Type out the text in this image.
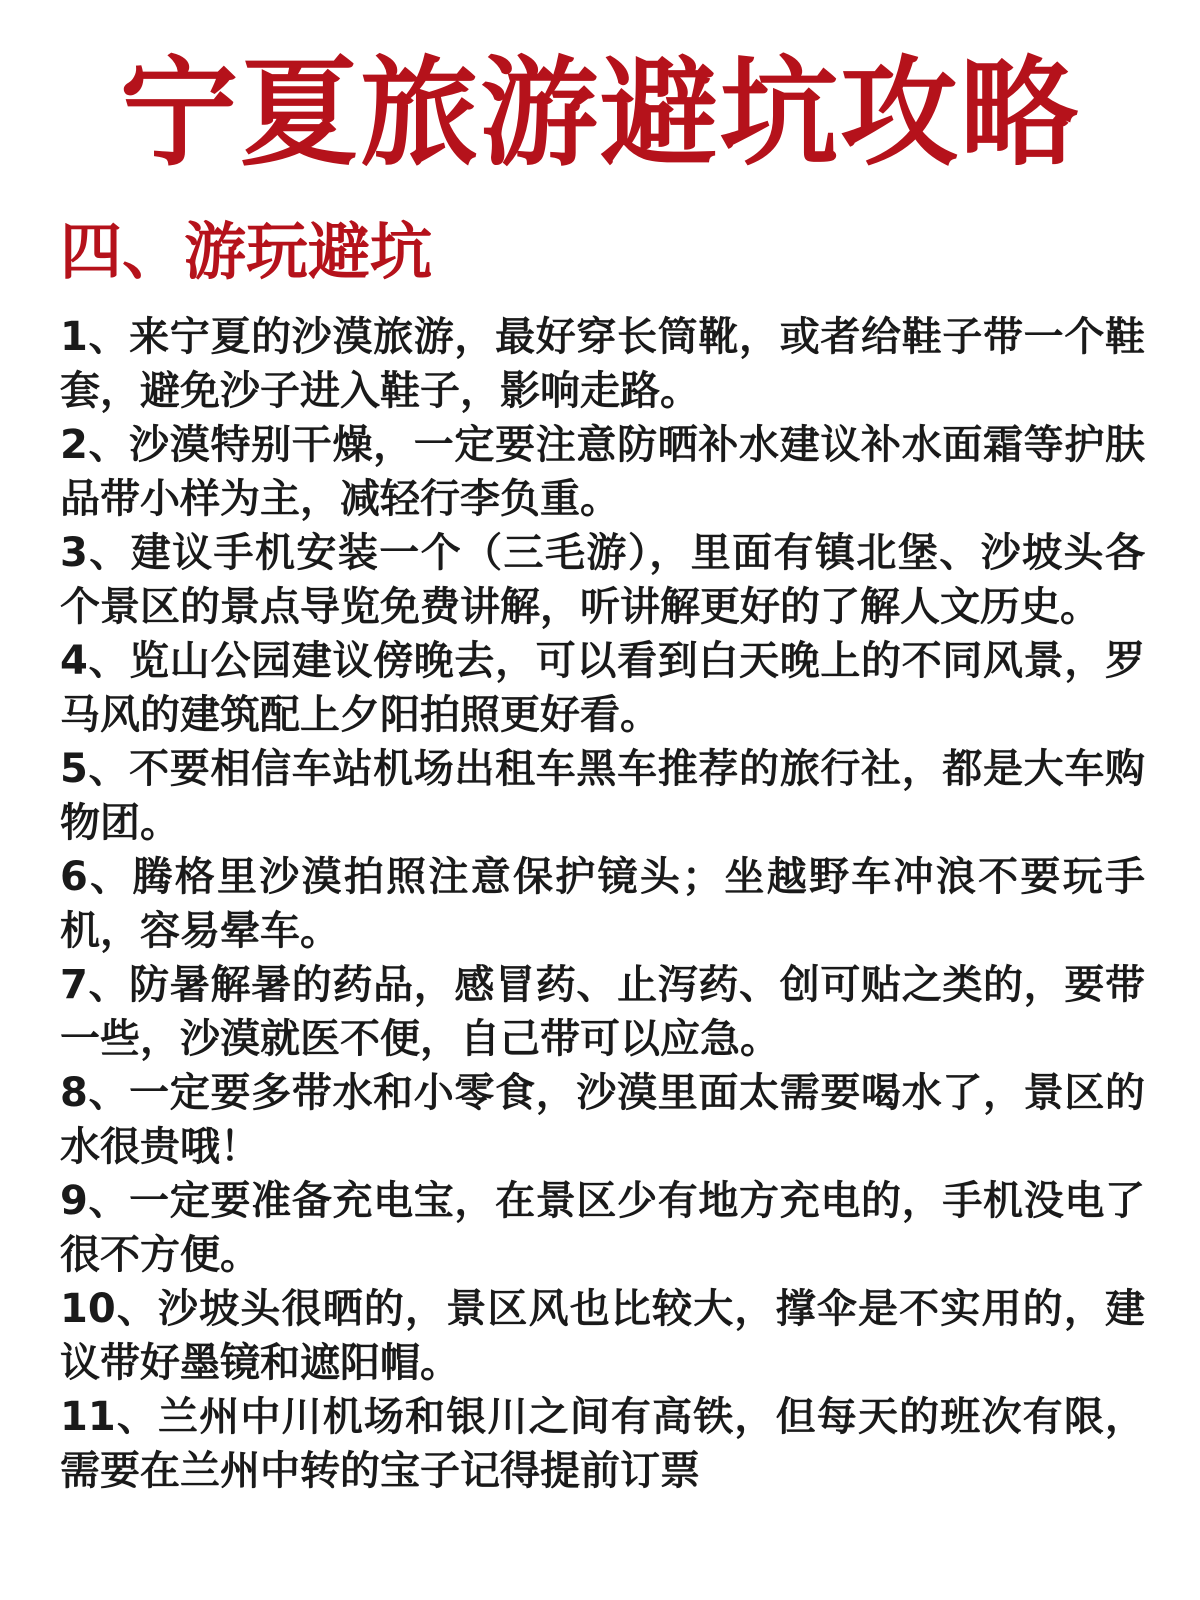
宁夏旅游避坑攻略
四、游玩避坑
1、来宁夏的沙漠旅游，最好穿长筒靴，或者给鞋子带一个鞋套，避免沙子进入鞋子，影响走路。
2、沙漠特别干燥，一定要注意防晒补水建议补水面霜等护肤品带小样为主，减轻行李负重。
3、建议手机安装一个（三毛游），里面有镇北堡、沙坡头各个景区的景点导览免费讲解，听讲解更好的了解人文历史。
4、览山公园建议傍晚去，可以看到白天晚上的不同风景，罗马风的建筑配上夕阳拍照更好看。
5、不要相信车站机场出租车黑车推荐的旅行社，都是大车购物团。
6、腾格里沙漠拍照注意保护镜头；坐越野车冲浪不要玩手机，容易晕车。
7、防暑解暑的药品，感冒药、止泻药、创可贴之类的，要带一些，沙漠就医不便，自己带可以应急。
8、一定要多带水和小零食，沙漠里面太需要喝水了，景区的水很贵哦！
9、一定要准备充电宝，在景区少有地方充电的，手机没电了很不方便。
10、沙坡头很晒的，景区风也比较大，撑伞是不实用的，建议带好墨镜和遮阳帽。
11、兰州中川机场和银川之间有高铁，但每天的班次有限，需要在兰州中转的宝子记得提前订票
